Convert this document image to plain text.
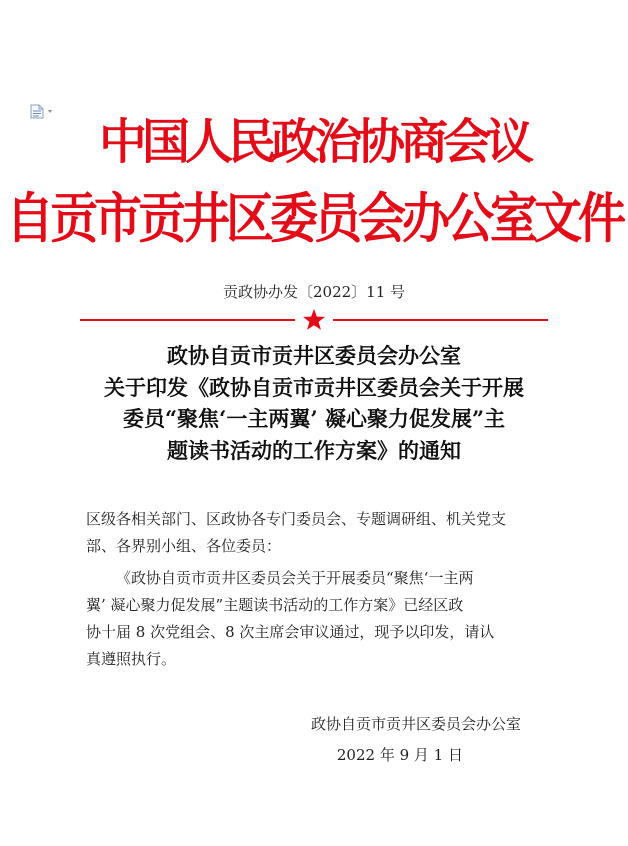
中国人民政治协商会议
自贡市贡井区委员会办公室文件
贡政协办发〔2022〕11 号
政协自贡市贡井区委员会办公室
关于印发《政协自贡市贡井区委员会关于开展
委员“聚焦‘一主两翼’ 凝心聚力促发展”主
题读书活动的工作方案》的通知
区级各相关部门、区政协各专门委员会、专题调研组、机关党支
部、各界别小组、各位委员：
《政协自贡市贡井区委员会关于开展委员“聚焦‘一主两
翼’ 凝心聚力促发展”主题读书活动的工作方案》已经区政
协十届 8 次党组会、8 次主席会审议通过，现予以印发，请认
真遵照执行。
政协自贡市贡井区委员会办公室
2022 年 9 月 1 日
